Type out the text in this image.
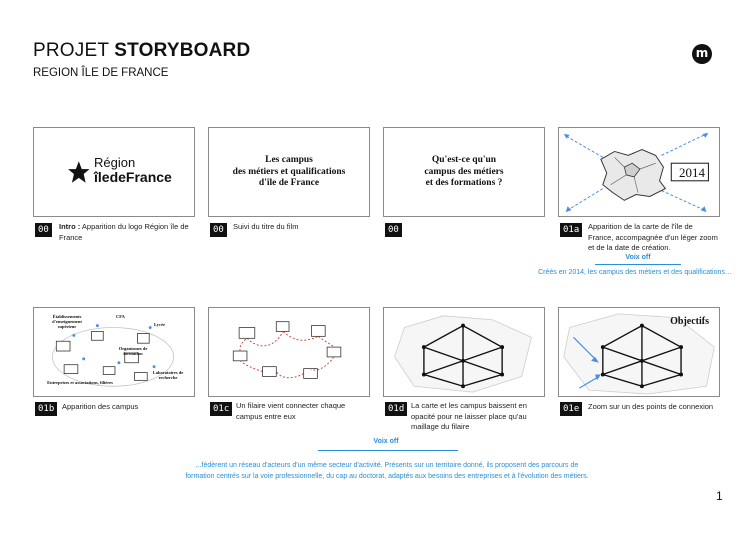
PROJET STORYBOARD
REGION ÎLE DE FRANCE
m
Région
îledeFrance
00	Intro : Apparition du logo Région île de France
Les campus
des métiers et qualifications
d'île de France
00	Suivi du titre du film
Qu'est-ce qu'un
campus des métiers
et des formations ?
00
2014
01a	Apparition de la carte de l'île de France, accompagnée d'un léger zoom et de la date de création.
Voix off
Créés en 2014, les campus des métiers et des qualifications…
Établissements d'enseignement supérieur
CFA
Lycée
Organismes de formation
Laboratoires de recherche
Entreprises et associations, filières
01b	Apparition des campus	01c Un filaire vient connecter chaque campus entre eux
01d La carte et les campus baissent en opacité pour ne laisser place qu'au maillage du filaire
Objectifs
01e	Zoom sur un des points de connexion
Voix off
...fédèrent un réseau d'acteurs d'un même secteur d'activité. Présents sur un territoire donné, ils proposent des parcours de
formation centrés sur la voie professionnelle, du cap au doctorat, adaptés aux besoins des entreprises et à l'évolution des métiers.
1
